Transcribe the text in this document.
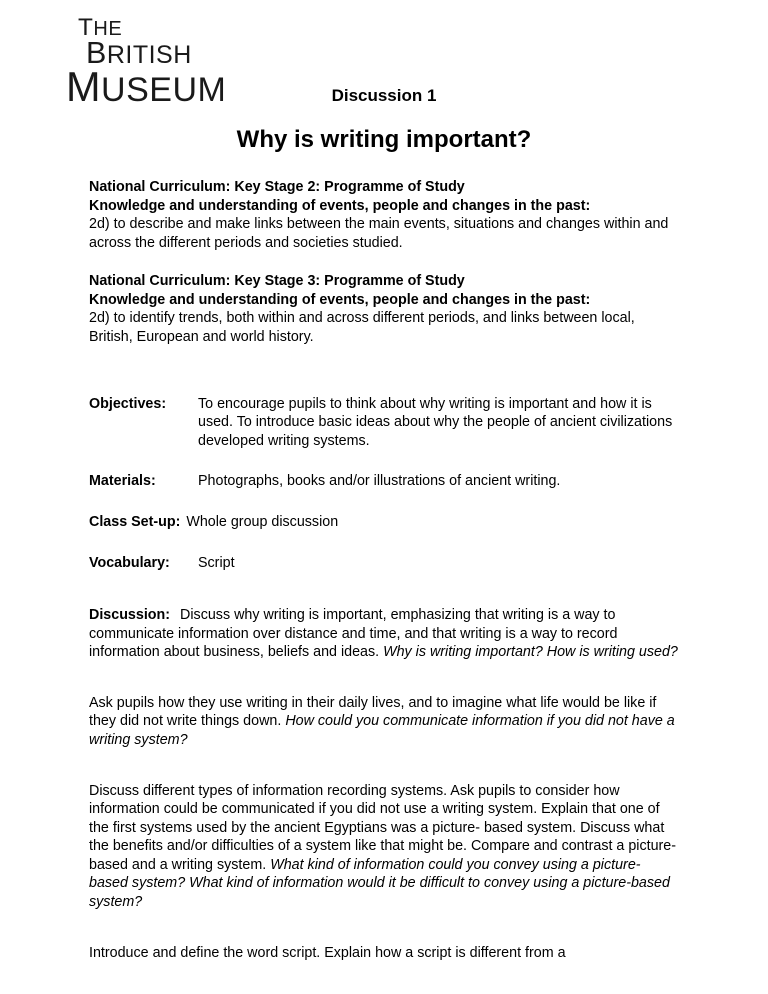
THE
BRITISH
MUSEUM	Discussion 1
Why is writing important?
National Curriculum: Key Stage 2: Programme of Study
Knowledge and understanding of events, people and changes in the past:
2d) to describe and make links between the main events, situations and changes within and across the different periods and societies studied.
National Curriculum: Key Stage 3: Programme of Study
Knowledge and understanding of events, people and changes in the past:
2d) to identify trends, both within and across different periods, and links between local, British, European and world history.
Objectives:	To encourage pupils to think about why writing is important and how it is used. To introduce basic ideas about why the people of ancient civilizations developed writing systems.
Materials:	Photographs, books and/or illustrations of ancient writing.
Class Set-up: Whole group discussion
Vocabulary:	Script

Discussion: Discuss why writing is important, emphasizing that writing is a way to communicate information over distance and time, and that writing is a way to record information about business, beliefs and ideas. Why is writing important? How is writing used?

Ask pupils how they use writing in their daily lives, and to imagine what life would be like if they did not write things down. How could you communicate information if you did not have a writing system?

Discuss different types of information recording systems. Ask pupils to consider how information could be communicated if you did not use a writing system. Explain that one of the first systems used by the ancient Egyptians was a picture- based system. Discuss what the benefits and/or difficulties of a system like that might be. Compare and contrast a picture-based and a writing system. What kind of information could you convey using a picture-based system? What kind of information would it be difficult to convey using a picture-based system?

Introduce and define the word script. Explain how a script is different from a
